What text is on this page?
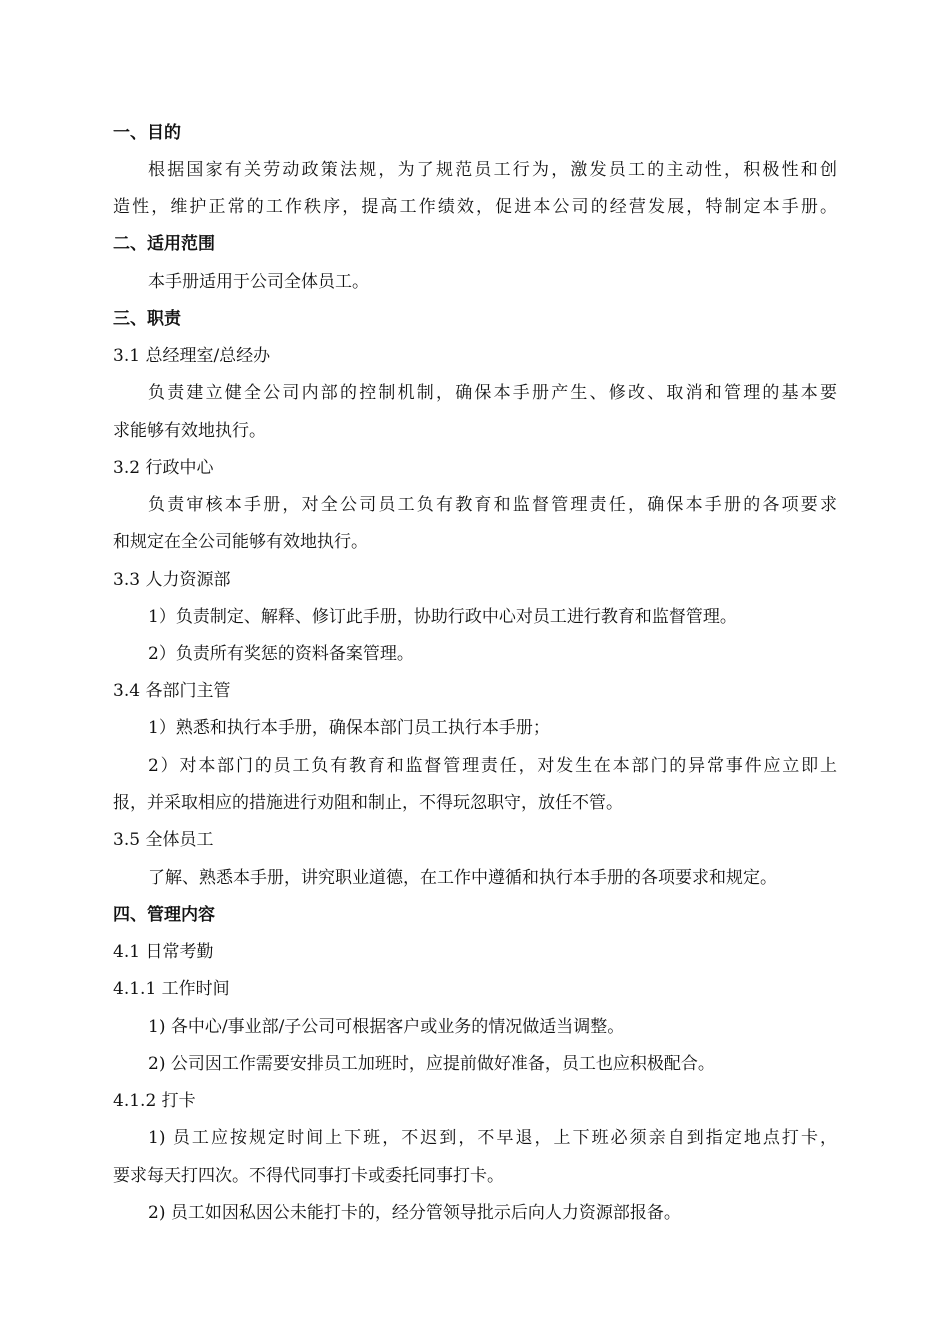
一、目的
根据国家有关劳动政策法规，为了规范员工行为，激发员工的主动性，积极性和创
造性，维护正常的工作秩序，提高工作绩效，促进本公司的经营发展，特制定本手册。
二、适用范围
本手册适用于公司全体员工。
三、职责
3.1 总经理室/总经办
负责建立健全公司内部的控制机制，确保本手册产生、修改、取消和管理的基本要
求能够有效地执行。
3.2 行政中心
负责审核本手册，对全公司员工负有教育和监督管理责任，确保本手册的各项要求
和规定在全公司能够有效地执行。
3.3 人力资源部
1）负责制定、解释、修订此手册，协助行政中心对员工进行教育和监督管理。
2）负责所有奖惩的资料备案管理。
3.4 各部门主管
1）熟悉和执行本手册，确保本部门员工执行本手册；
2）对本部门的员工负有教育和监督管理责任，对发生在本部门的异常事件应立即上
报，并采取相应的措施进行劝阻和制止，不得玩忽职守，放任不管。
3.5 全体员工
了解、熟悉本手册，讲究职业道德，在工作中遵循和执行本手册的各项要求和规定。
四、管理内容
4.1 日常考勤
4.1.1 工作时间
1) 各中心/事业部/子公司可根据客户或业务的情况做适当调整。
2) 公司因工作需要安排员工加班时，应提前做好准备，员工也应积极配合。
4.1.2 打卡
1) 员工应按规定时间上下班，不迟到，不早退，上下班必须亲自到指定地点打卡，
要求每天打四次。不得代同事打卡或委托同事打卡。
2) 员工如因私因公未能打卡的，经分管领导批示后向人力资源部报备。
